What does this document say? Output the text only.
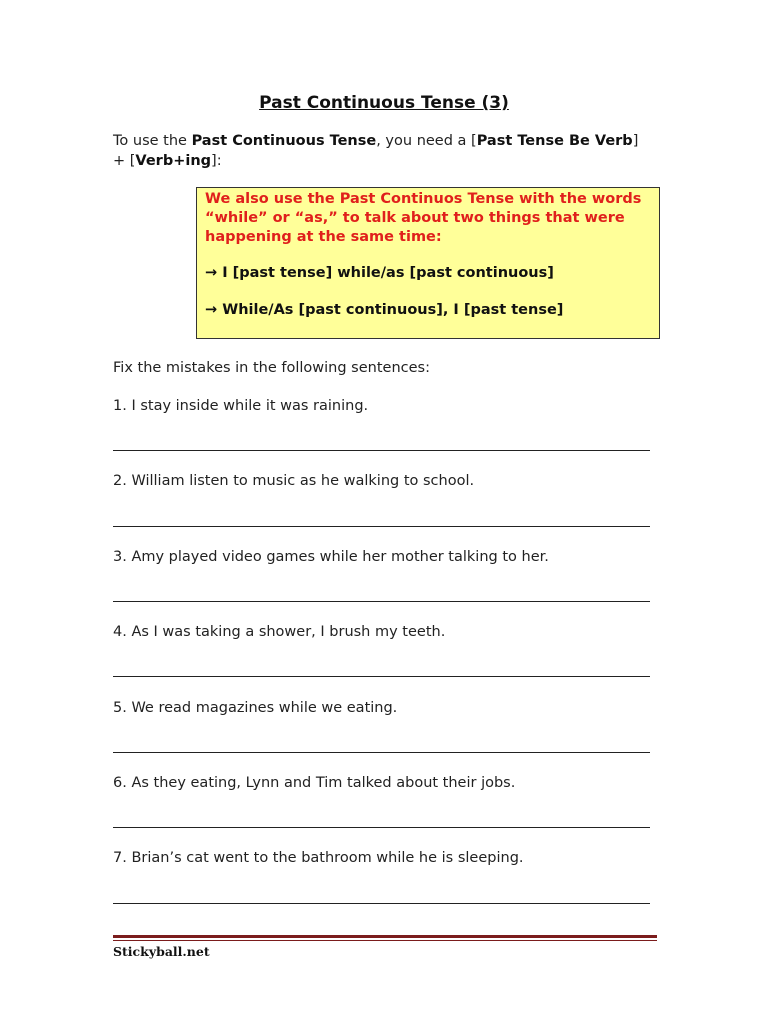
Past Continuous Tense (3)
To use the Past Continuous Tense, you need a [Past Tense Be Verb] + [Verb+ing]:
We also use the Past Continuos Tense with the words “while” or “as,” to talk about two things that were happening at the same time:
→ I [past tense] while/as [past continuous]
→ While/As [past continuous], I [past tense]
Fix the mistakes in the following sentences:
1. I stay inside while it was raining.
2. William listen to music as he walking to school.
3. Amy played video games while her mother talking to her.
4. As I was taking a shower, I brush my teeth.
5. We read magazines while we eating.
6. As they eating, Lynn and Tim talked about their jobs.
7. Brian’s cat went to the bathroom while he is sleeping.
Stickyball.net
